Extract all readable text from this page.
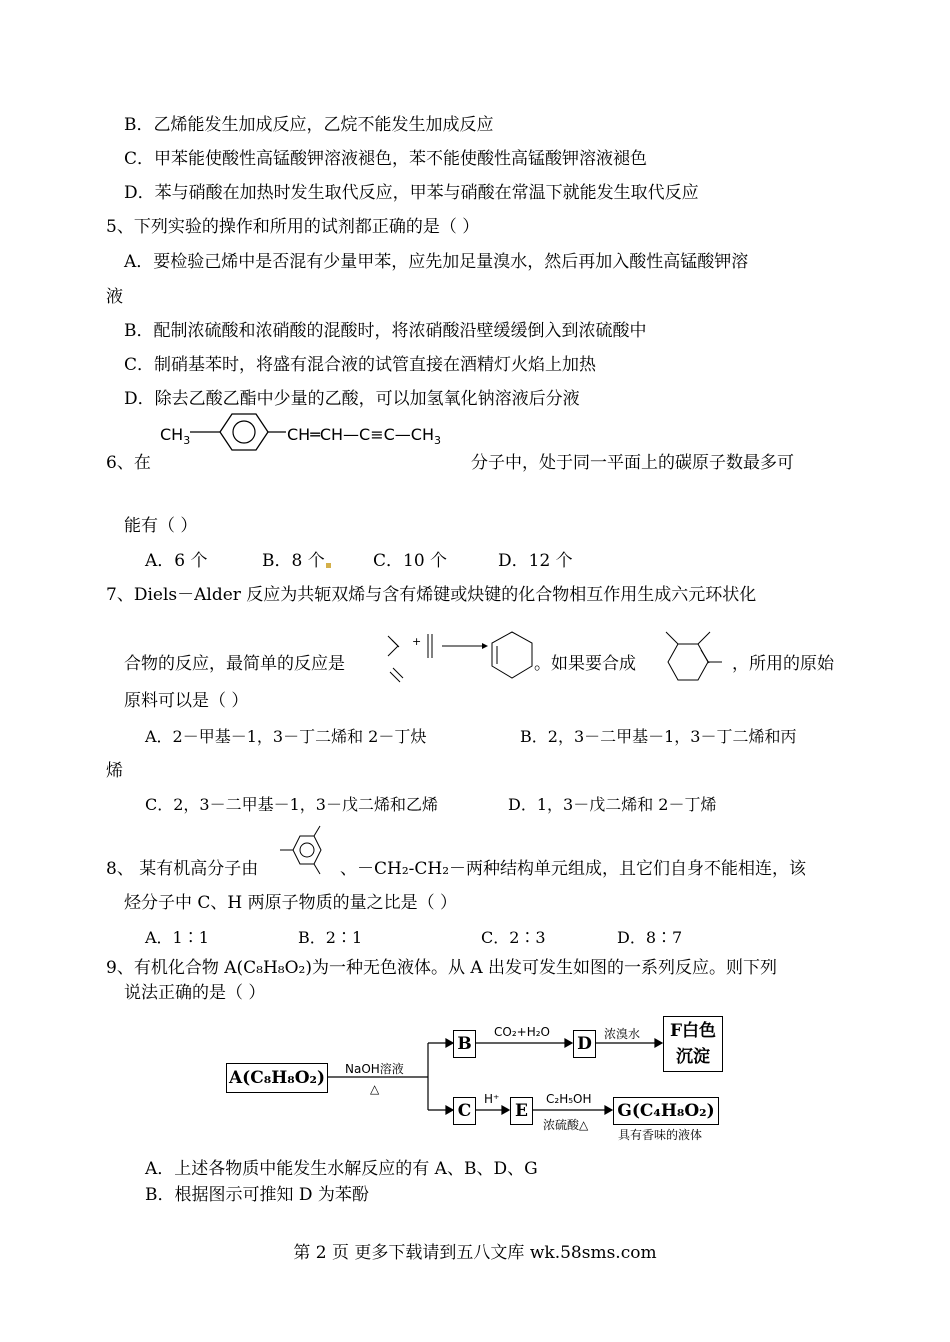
B．乙烯能发生加成反应，乙烷不能发生加成反应
C．甲苯能使酸性高锰酸钾溶液褪色，苯不能使酸性高锰酸钾溶液褪色
D．苯与硝酸在加热时发生取代反应，甲苯与硝酸在常温下就能发生取代反应
5、下列实验的操作和所用的试剂都正确的是（ ）
A．要检验己烯中是否混有少量甲苯，应先加足量溴水，然后再加入酸性高锰酸钾溶
液
B．配制浓硫酸和浓硝酸的混酸时，将浓硝酸沿壁缓缓倒入到浓硫酸中
C．制硝基苯时，将盛有混合液的试管直接在酒精灯火焰上加热
D．除去乙酸乙酯中少量的乙酸，可以加氢氧化钠溶液后分液
$CH_3$	$CH═CH—C\equiv C—CH_3$
6、在	分子中，处于同一平面上的碳原子数最多可
能有（ ）
A．6 个	B．8 个	C．10 个	D．12 个
7、Diels－Alder 反应为共轭双烯与含有烯键或炔键的化合物相互作用生成六元环状化
合物的反应，最简单的反应是
+
。如果要合成	，所用的原始
原料可以是（ ）
A．2－甲基－1，3－丁二烯和 2－丁炔	B．2，3－二甲基－1，3－丁二烯和丙
烯
C．2，3－二甲基－1，3－戊二烯和乙烯	D．1，3－戊二烯和 2－丁烯
8、 某有机高分子由	、－CH₂-CH₂－两种结构单元组成，且它们自身不能相连，该
烃分子中 C、H 两原子物质的量之比是（ ）
A．1∶1	B．2∶1	C．2∶3	D．8∶7
9、有机化合物 A(C₈H₈O₂)为一种无色液体。从 A 出发可发生如图的一系列反应。则下列
说法正确的是（ ）
A(C₈H₈O₂)
B
C
D
E
F白色沉淀
G(C₄H₈O₂)
NaOH溶液
△
CO₂+H₂O	浓溴水
H⁺	C₂H₅OH
浓硫酸△
具有香味的液体
A．上述各物质中能发生水解反应的有 A、B、D、G
B．根据图示可推知 D 为苯酚
第 2 页 更多下载请到五八文库 wk.58sms.com
